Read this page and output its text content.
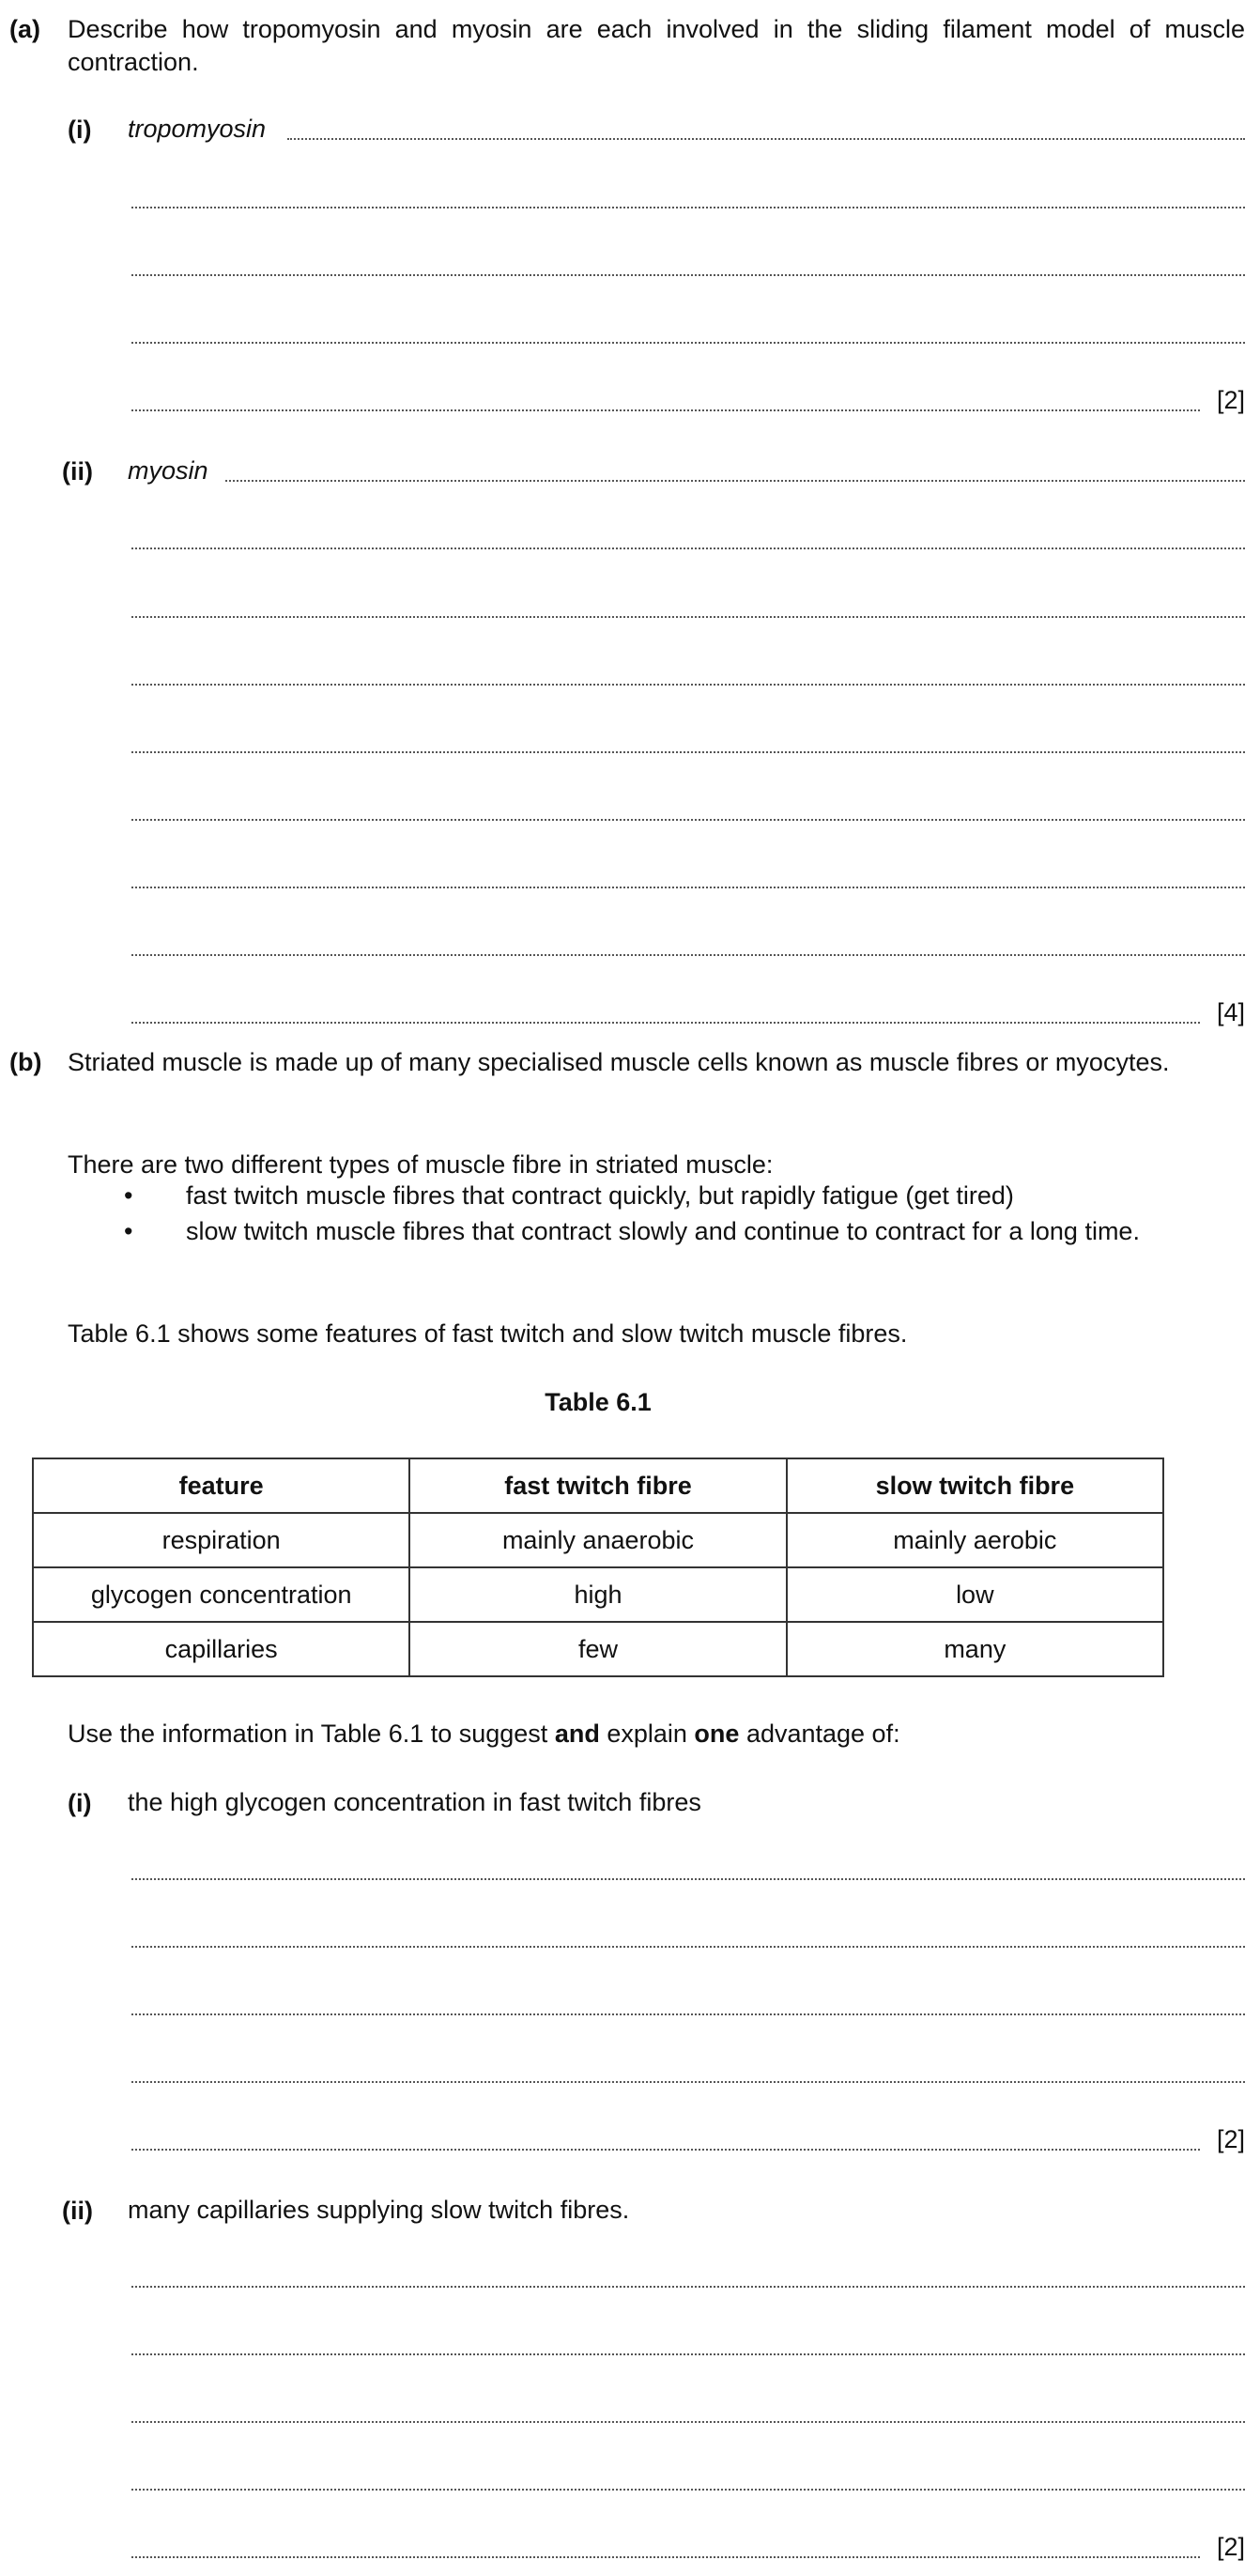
(a) Describe how tropomyosin and myosin are each involved in the sliding filament model of muscle contraction.
(i) tropomyosin
[2]
(ii) myosin
[4]
(b) Striated muscle is made up of many specialised muscle cells known as muscle fibres or myocytes.
There are two different types of muscle fibre in striated muscle:
• fast twitch muscle fibres that contract quickly, but rapidly fatigue (get tired)
• slow twitch muscle fibres that contract slowly and continue to contract for a long time.
Table 6.1 shows some features of fast twitch and slow twitch muscle fibres.
Table 6.1
feature	fast twitch fibre	slow twitch fibre
respiration	mainly anaerobic	mainly aerobic
glycogen concentration	high	low
capillaries	few	many
Use the information in Table 6.1 to suggest and explain one advantage of:
(i) the high glycogen concentration in fast twitch fibres
[2]
(ii) many capillaries supplying slow twitch fibres.
[2]
